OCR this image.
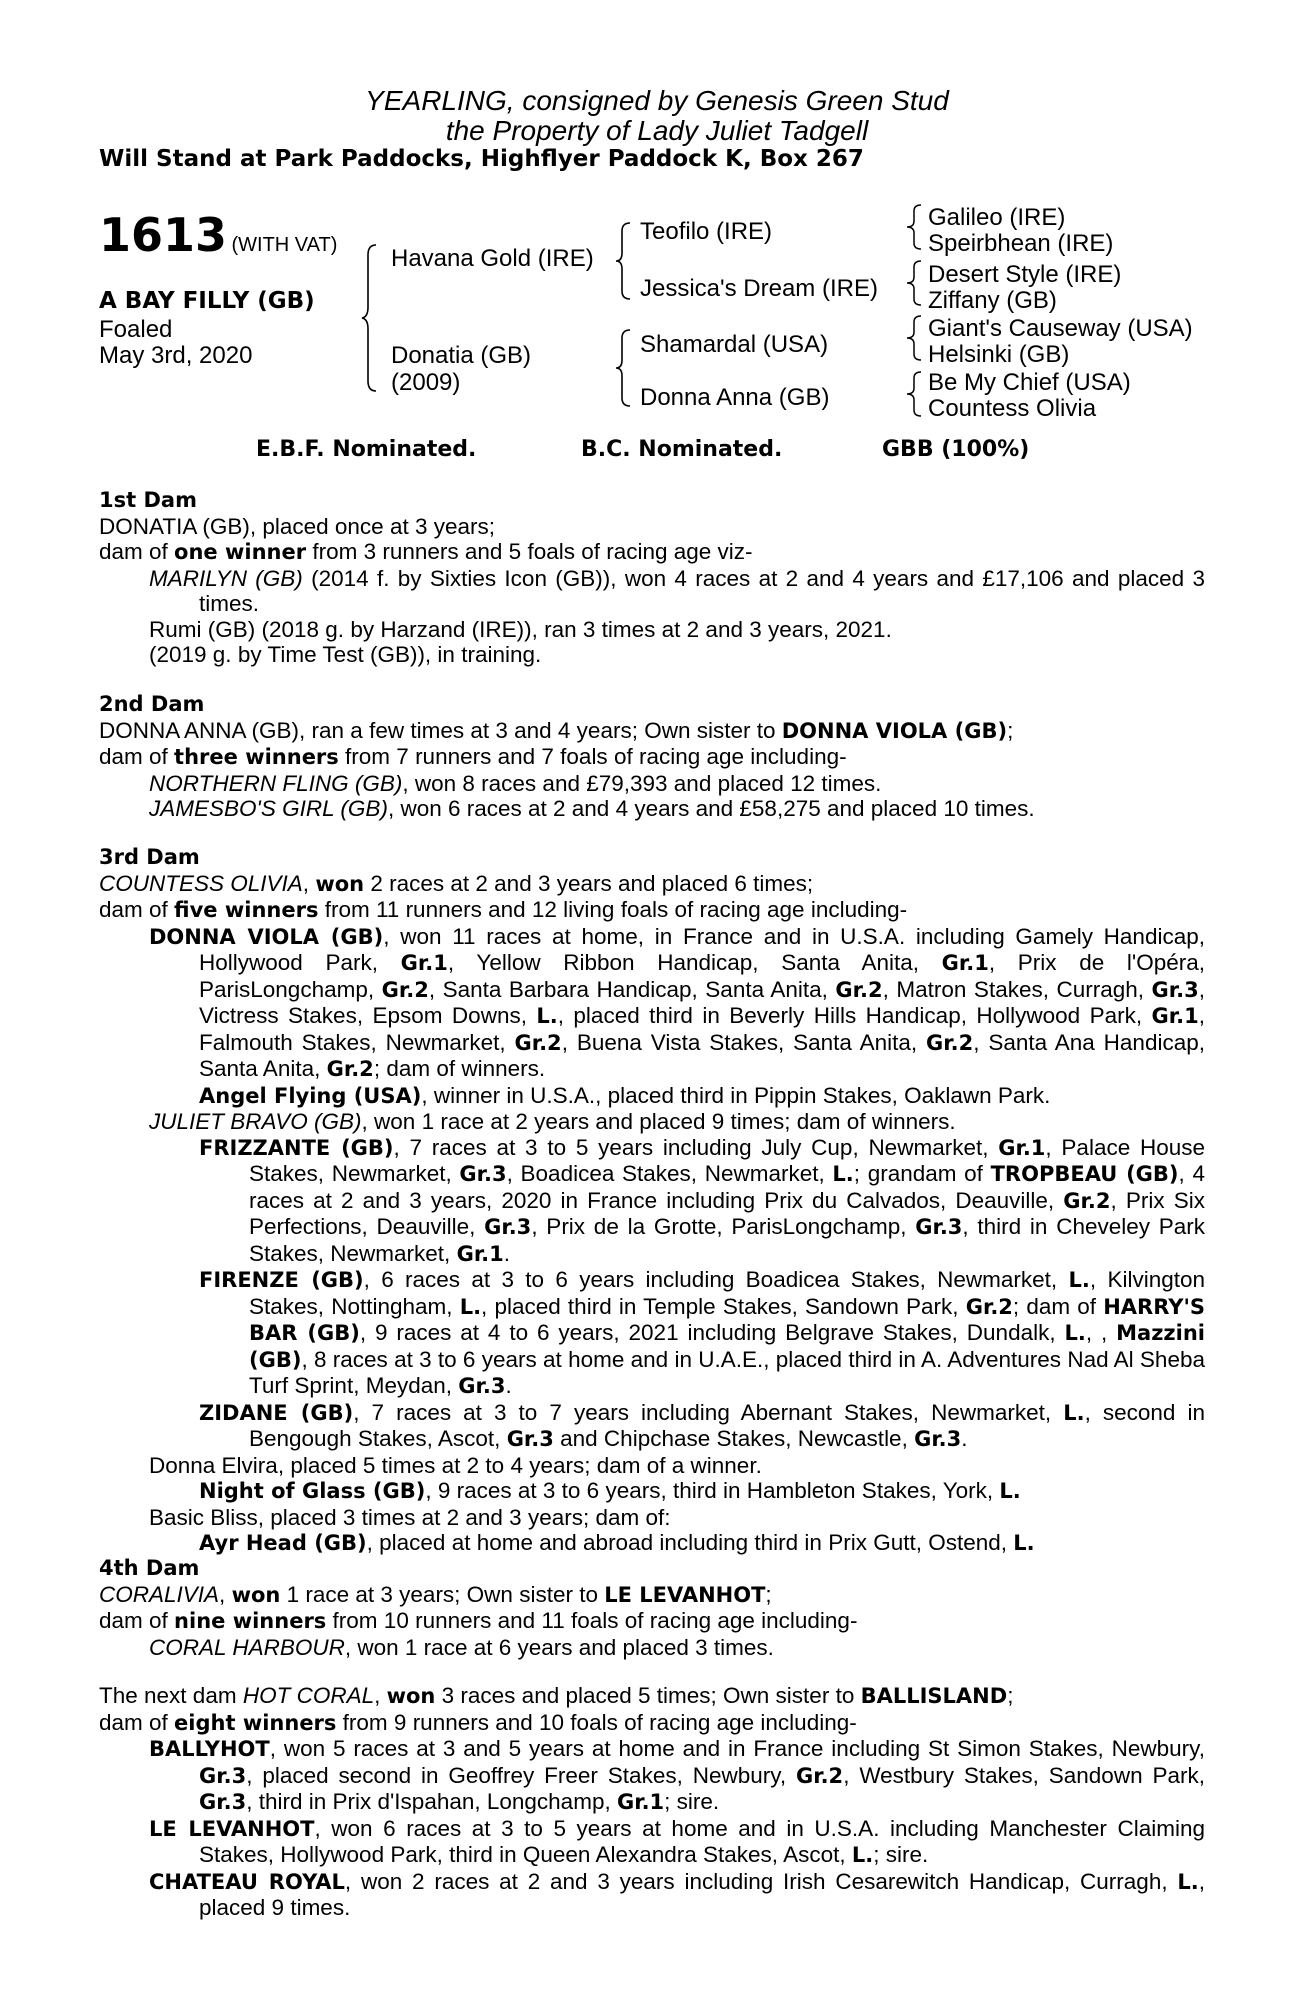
YEARLING, consigned by Genesis Green Stud
the Property of Lady Juliet Tadgell
Will Stand at Park Paddocks, Highflyer Paddock K, Box 267
1613 (WITH VAT)
A BAY FILLY (GB)
Foaled
May 3rd, 2020
Havana Gold (IRE)
Donatia (GB)
(2009)
Teofilo (IRE)
Jessica's Dream (IRE)
Shamardal (USA)
Donna Anna (GB)
Galileo (IRE)
Speirbhean (IRE)
Desert Style (IRE)
Ziffany (GB)
Giant's Causeway (USA)
Helsinki (GB)
Be My Chief (USA)
Countess Olivia
E.B.F. Nominated.	B.C. Nominated.	GBB (100%)

1st Dam

DONATIA (GB), placed once at 3 years;

dam of one winner from 3 runners and 5 foals of racing age viz-

MARILYN (GB) (2014 f. by Sixties Icon (GB)), won 4 races at 2 and 4 years and £17,106 and placed 3 times.

Rumi (GB) (2018 g. by Harzand (IRE)), ran 3 times at 2 and 3 years, 2021.

(2019 g. by Time Test (GB)), in training.

2nd Dam

DONNA ANNA (GB), ran a few times at 3 and 4 years; Own sister to DONNA VIOLA (GB);

dam of three winners from 7 runners and 7 foals of racing age including-

NORTHERN FLING (GB), won 8 races and £79,393 and placed 12 times.

JAMESBO'S GIRL (GB), won 6 races at 2 and 4 years and £58,275 and placed 10 times.

3rd Dam

COUNTESS OLIVIA, won 2 races at 2 and 3 years and placed 6 times;

dam of five winners from 11 runners and 12 living foals of racing age including-

DONNA VIOLA (GB), won 11 races at home, in France and in U.S.A. including Gamely Handicap, Hollywood Park, Gr.1, Yellow Ribbon Handicap, Santa Anita, Gr.1, Prix de l'Opéra, ParisLongchamp, Gr.2, Santa Barbara Handicap, Santa Anita, Gr.2, Matron Stakes, Curragh, Gr.3, Victress Stakes, Epsom Downs, L., placed third in Beverly Hills Handicap, Hollywood Park, Gr.1, Falmouth Stakes, Newmarket, Gr.2, Buena Vista Stakes, Santa Anita, Gr.2, Santa Ana Handicap, Santa Anita, Gr.2; dam of winners.

Angel Flying (USA), winner in U.S.A., placed third in Pippin Stakes, Oaklawn Park.

JULIET BRAVO (GB), won 1 race at 2 years and placed 9 times; dam of winners.

FRIZZANTE (GB), 7 races at 3 to 5 years including July Cup, Newmarket, Gr.1, Palace House Stakes, Newmarket, Gr.3, Boadicea Stakes, Newmarket, L.; grandam of TROPBEAU (GB), 4 races at 2 and 3 years, 2020 in France including Prix du Calvados, Deauville, Gr.2, Prix Six Perfections, Deauville, Gr.3, Prix de la Grotte, ParisLongchamp, Gr.3, third in Cheveley Park Stakes, Newmarket, Gr.1.

FIRENZE (GB), 6 races at 3 to 6 years including Boadicea Stakes, Newmarket, L., Kilvington Stakes, Nottingham, L., placed third in Temple Stakes, Sandown Park, Gr.2; dam of HARRY'S BAR (GB), 9 races at 4 to 6 years, 2021 including Belgrave Stakes, Dundalk, L., , Mazzini (GB), 8 races at 3 to 6 years at home and in U.A.E., placed third in A. Adventures Nad Al Sheba Turf Sprint, Meydan, Gr.3.

ZIDANE (GB), 7 races at 3 to 7 years including Abernant Stakes, Newmarket, L., second in Bengough Stakes, Ascot, Gr.3 and Chipchase Stakes, Newcastle, Gr.3.

Donna Elvira, placed 5 times at 2 to 4 years; dam of a winner.

Night of Glass (GB), 9 races at 3 to 6 years, third in Hambleton Stakes, York, L.

Basic Bliss, placed 3 times at 2 and 3 years; dam of:

Ayr Head (GB), placed at home and abroad including third in Prix Gutt, Ostend, L.

4th Dam

CORALIVIA, won 1 race at 3 years; Own sister to LE LEVANHOT;

dam of nine winners from 10 runners and 11 foals of racing age including-

CORAL HARBOUR, won 1 race at 6 years and placed 3 times.

The next dam HOT CORAL, won 3 races and placed 5 times; Own sister to BALLISLAND;

dam of eight winners from 9 runners and 10 foals of racing age including-

BALLYHOT, won 5 races at 3 and 5 years at home and in France including St Simon Stakes, Newbury, Gr.3, placed second in Geoffrey Freer Stakes, Newbury, Gr.2, Westbury Stakes, Sandown Park, Gr.3, third in Prix d'Ispahan, Longchamp, Gr.1; sire.

LE LEVANHOT, won 6 races at 3 to 5 years at home and in U.S.A. including Manchester Claiming Stakes, Hollywood Park, third in Queen Alexandra Stakes, Ascot, L.; sire.

CHATEAU ROYAL, won 2 races at 2 and 3 years including Irish Cesarewitch Handicap, Curragh, L., placed 9 times.
